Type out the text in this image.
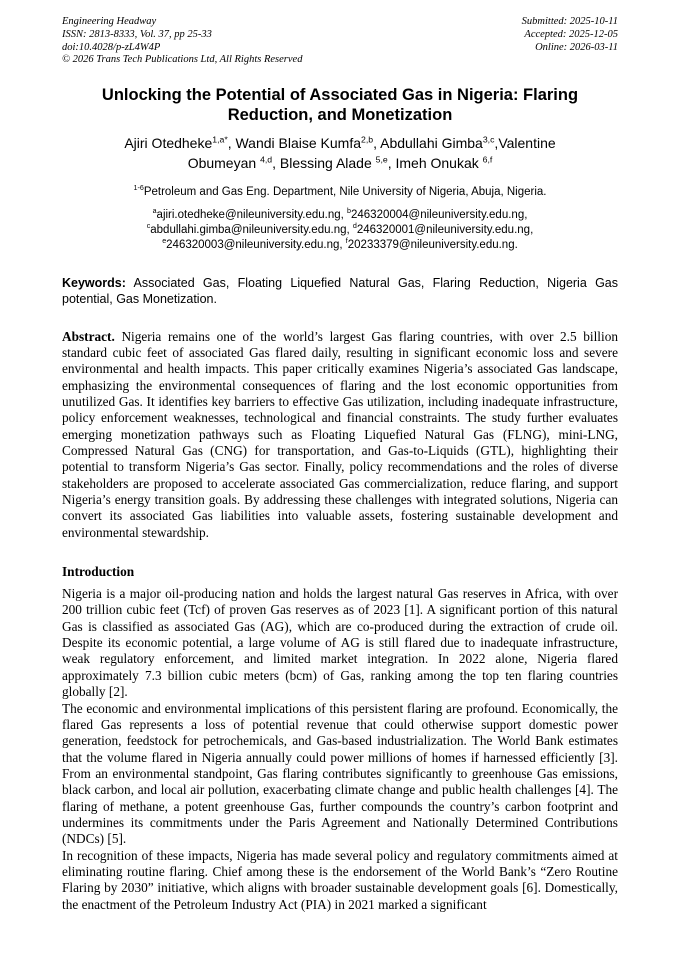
Engineering Headway
ISSN: 2813-8333, Vol. 37, pp 25-33
doi:10.4028/p-zL4W4P
© 2026 Trans Tech Publications Ltd, All Rights Reserved
Submitted: 2025-10-11
Accepted: 2025-12-05
Online: 2026-03-11
Unlocking the Potential of Associated Gas in Nigeria: Flaring Reduction, and Monetization

Ajiri Otedheke$^{1,a*}$, Wandi Blaise Kumfa$^{2,b}$, Abdullahi Gimba$^{3,c}$,Valentine Obumeyan $^{4,d}$, Blessing Alade $^{5,e}$, Imeh Onukak $^{6,f}$

$^{1-6}$Petroleum and Gas Eng. Department, Nile University of Nigeria, Abuja, Nigeria.

$^a$ajiri.otedheke@nileuniversity.edu.ng, $^b$246320004@nileuniversity.edu.ng,
$^c$abdullahi.gimba@nileuniversity.edu.ng, $^d$246320001@nileuniversity.edu.ng,
$^e$246320003@nileuniversity.edu.ng, $^f$20233379@nileuniversity.edu.ng.

Keywords: Associated Gas, Floating Liquefied Natural Gas, Flaring Reduction, Nigeria Gas potential, Gas Monetization.

Abstract. Nigeria remains one of the world’s largest Gas flaring countries, with over 2.5 billion standard cubic feet of associated Gas flared daily, resulting in significant economic loss and severe environmental and health impacts. This paper critically examines Nigeria’s associated Gas landscape, emphasizing the environmental consequences of flaring and the lost economic opportunities from unutilized Gas. It identifies key barriers to effective Gas utilization, including inadequate infrastructure, policy enforcement weaknesses, technological and financial constraints. The study further evaluates emerging monetization pathways such as Floating Liquefied Natural Gas (FLNG), mini-LNG, Compressed Natural Gas (CNG) for transportation, and Gas-to-Liquids (GTL), highlighting their potential to transform Nigeria’s Gas sector. Finally, policy recommendations and the roles of diverse stakeholders are proposed to accelerate associated Gas commercialization, reduce flaring, and support Nigeria’s energy transition goals. By addressing these challenges with integrated solutions, Nigeria can convert its associated Gas liabilities into valuable assets, fostering sustainable development and environmental stewardship.

Introduction

Nigeria is a major oil-producing nation and holds the largest natural Gas reserves in Africa, with over 200 trillion cubic feet (Tcf) of proven Gas reserves as of 2023 [1]. A significant portion of this natural Gas is classified as associated Gas (AG), which are co-produced during the extraction of crude oil. Despite its economic potential, a large volume of AG is still flared due to inadequate infrastructure, weak regulatory enforcement, and limited market integration. In 2022 alone, Nigeria flared approximately 7.3 billion cubic meters (bcm) of Gas, ranking among the top ten flaring countries globally [2].

The economic and environmental implications of this persistent flaring are profound. Economically, the flared Gas represents a loss of potential revenue that could otherwise support domestic power generation, feedstock for petrochemicals, and Gas-based industrialization. The World Bank estimates that the volume flared in Nigeria annually could power millions of homes if harnessed efficiently [3]. From an environmental standpoint, Gas flaring contributes significantly to greenhouse Gas emissions, black carbon, and local air pollution, exacerbating climate change and public health challenges [4]. The flaring of methane, a potent greenhouse Gas, further compounds the country’s carbon footprint and undermines its commitments under the Paris Agreement and Nationally Determined Contributions (NDCs) [5].

In recognition of these impacts, Nigeria has made several policy and regulatory commitments aimed at eliminating routine flaring. Chief among these is the endorsement of the World Bank’s “Zero Routine Flaring by 2030” initiative, which aligns with broader sustainable development goals [6]. Domestically, the enactment of the Petroleum Industry Act (PIA) in 2021 marked a significant
